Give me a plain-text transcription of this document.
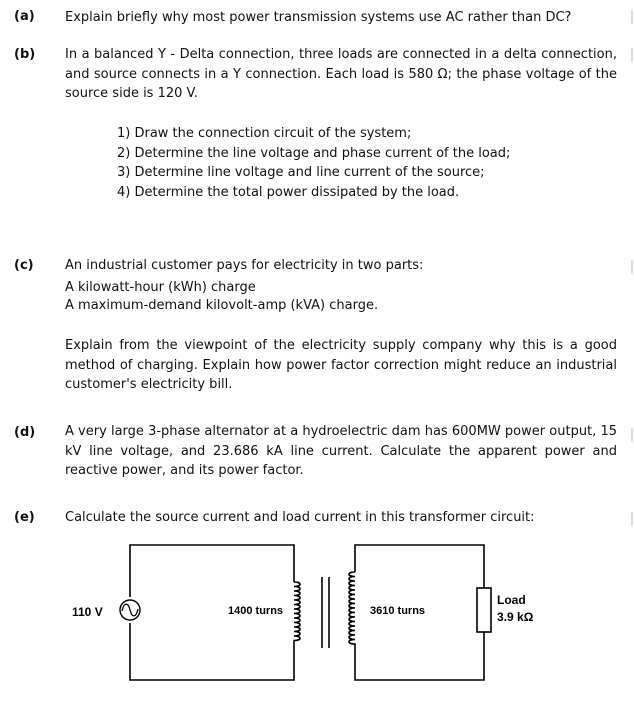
(a) Explain briefly why most power transmission systems use AC rather than DC?

(b) In a balanced Y - Delta connection, three loads are connected in a delta connection, and source connects in a Y connection. Each load is 580 Ω; the phase voltage of the source side is 120 V.

1) Draw the connection circuit of the system;
2) Determine the line voltage and phase current of the load;
3) Determine line voltage and line current of the source;
4) Determine the total power dissipated by the load.
(c) An industrial customer pays for electricity in two parts:
A kilowatt-hour (kWh) charge
A maximum-demand kilovolt-amp (kVA) charge.

Explain from the viewpoint of the electricity supply company why this is a good method of charging. Explain how power factor correction might reduce an industrial customer's electricity bill.

(d) A very large 3-phase alternator at a hydroelectric dam has 600MW power output, 15 kV line voltage, and 23.686 kA line current. Calculate the apparent power and reactive power, and its power factor.

(e) Calculate the source current and load current in this transformer circuit:
110 V	1400 turns	3610 turns
Load
3.9 kΩ
